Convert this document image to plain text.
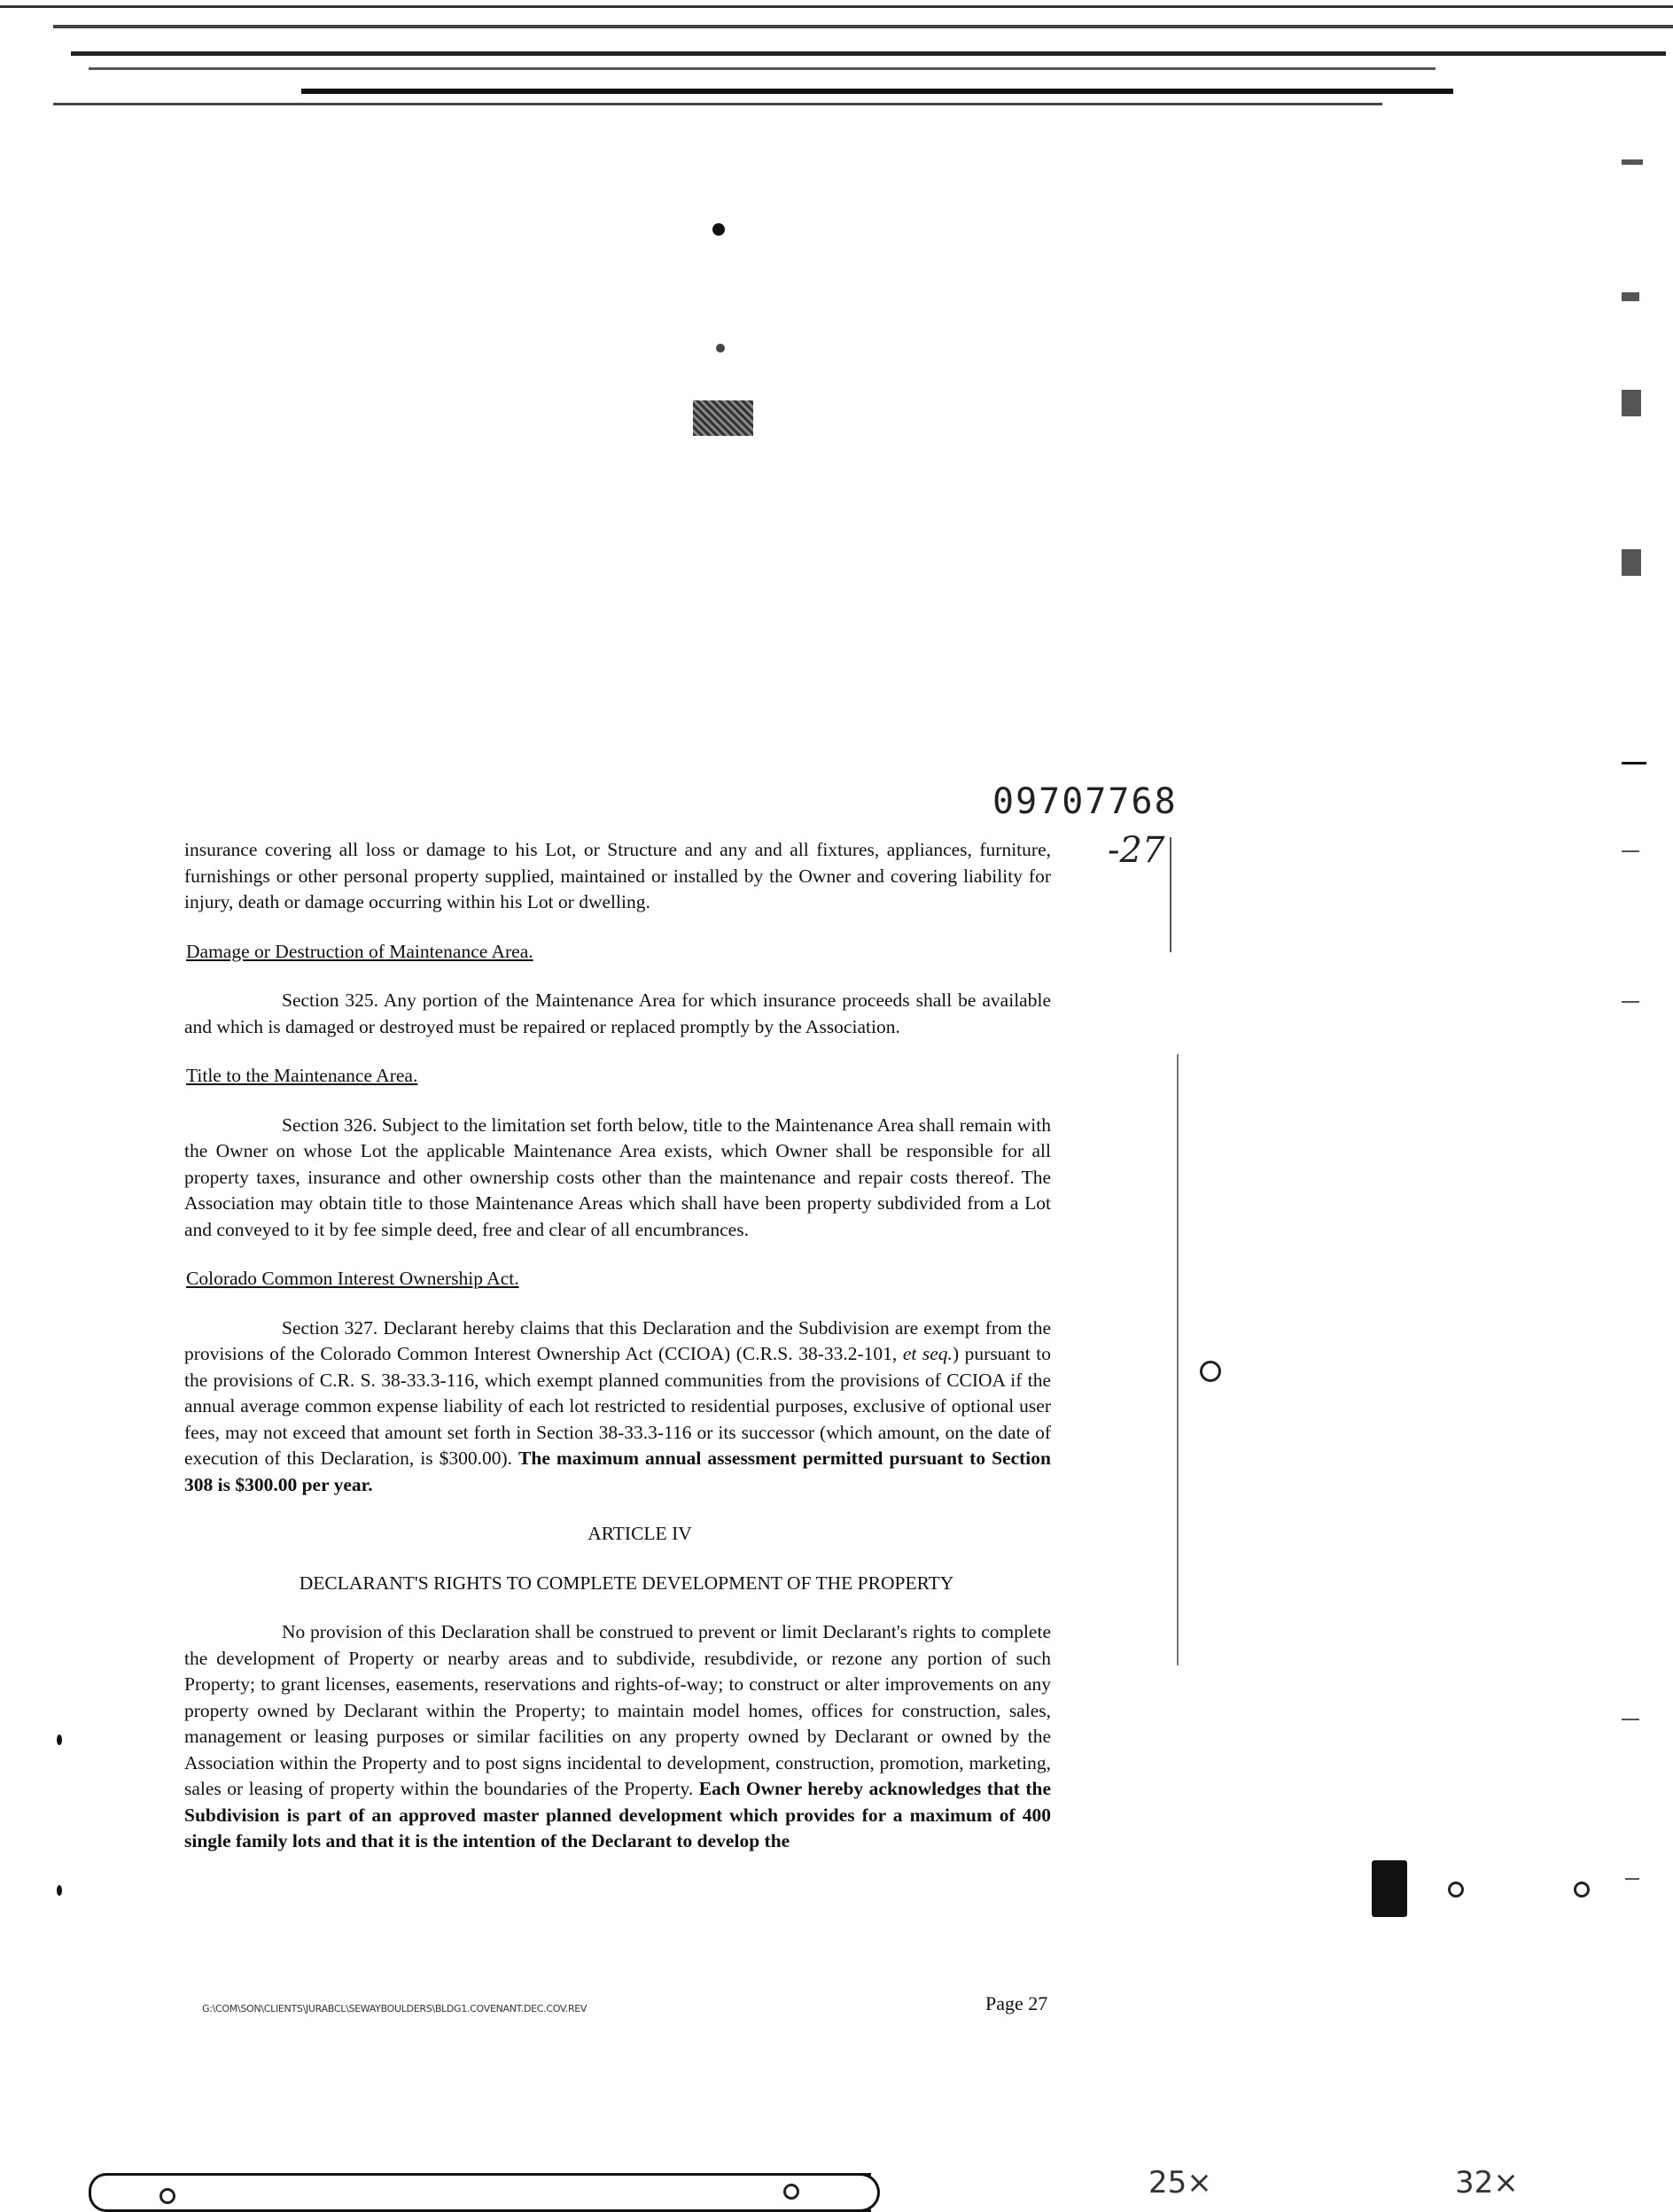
09707768
-27

insurance covering all loss or damage to his Lot, or Structure and any and all fixtures, appliances, furniture, furnishings or other personal property supplied, maintained or installed by the Owner and covering liability for injury, death or damage occurring within his Lot or dwelling.

Damage or Destruction of Maintenance Area.

Section 325. Any portion of the Maintenance Area for which insurance proceeds shall be available and which is damaged or destroyed must be repaired or replaced promptly by the Association.

Title to the Maintenance Area.

Section 326. Subject to the limitation set forth below, title to the Maintenance Area shall remain with the Owner on whose Lot the applicable Maintenance Area exists, which Owner shall be responsible for all property taxes, insurance and other ownership costs other than the maintenance and repair costs thereof. The Association may obtain title to those Maintenance Areas which shall have been property subdivided from a Lot and conveyed to it by fee simple deed, free and clear of all encumbrances.

Colorado Common Interest Ownership Act.

Section 327. Declarant hereby claims that this Declaration and the Subdivision are exempt from the provisions of the Colorado Common Interest Ownership Act (CCIOA) (C.R.S. 38-33.2-101, et seq.) pursuant to the provisions of C.R. S. 38-33.3-116, which exempt planned communities from the provisions of CCIOA if the annual average common expense liability of each lot restricted to residential purposes, exclusive of optional user fees, may not exceed that amount set forth in Section 38-33.3-116 or its successor (which amount, on the date of execution of this Declaration, is $300.00). The maximum annual assessment permitted pursuant to Section 308 is $300.00 per year.

ARTICLE IV

DECLARANT'S RIGHTS TO COMPLETE DEVELOPMENT OF THE PROPERTY

No provision of this Declaration shall be construed to prevent or limit Declarant's rights to complete the development of Property or nearby areas and to subdivide, resubdivide, or rezone any portion of such Property; to grant licenses, easements, reservations and rights-of-way; to construct or alter improvements on any property owned by Declarant within the Property; to maintain model homes, offices for construction, sales, management or leasing purposes or similar facilities on any property owned by Declarant or owned by the Association within the Property and to post signs incidental to development, construction, promotion, marketing, sales or leasing of property within the boundaries of the Property. Each Owner hereby acknowledges that the Subdivision is part of an approved master planned development which provides for a maximum of 400 single family lots and that it is the intention of the Declarant to develop the

G:\COM\SON\CLIENTS\JURABCL\SEWAYBOULDERS\BLDG1.COVENANT.DEC.COV.REV	Page 27
25×	32×
